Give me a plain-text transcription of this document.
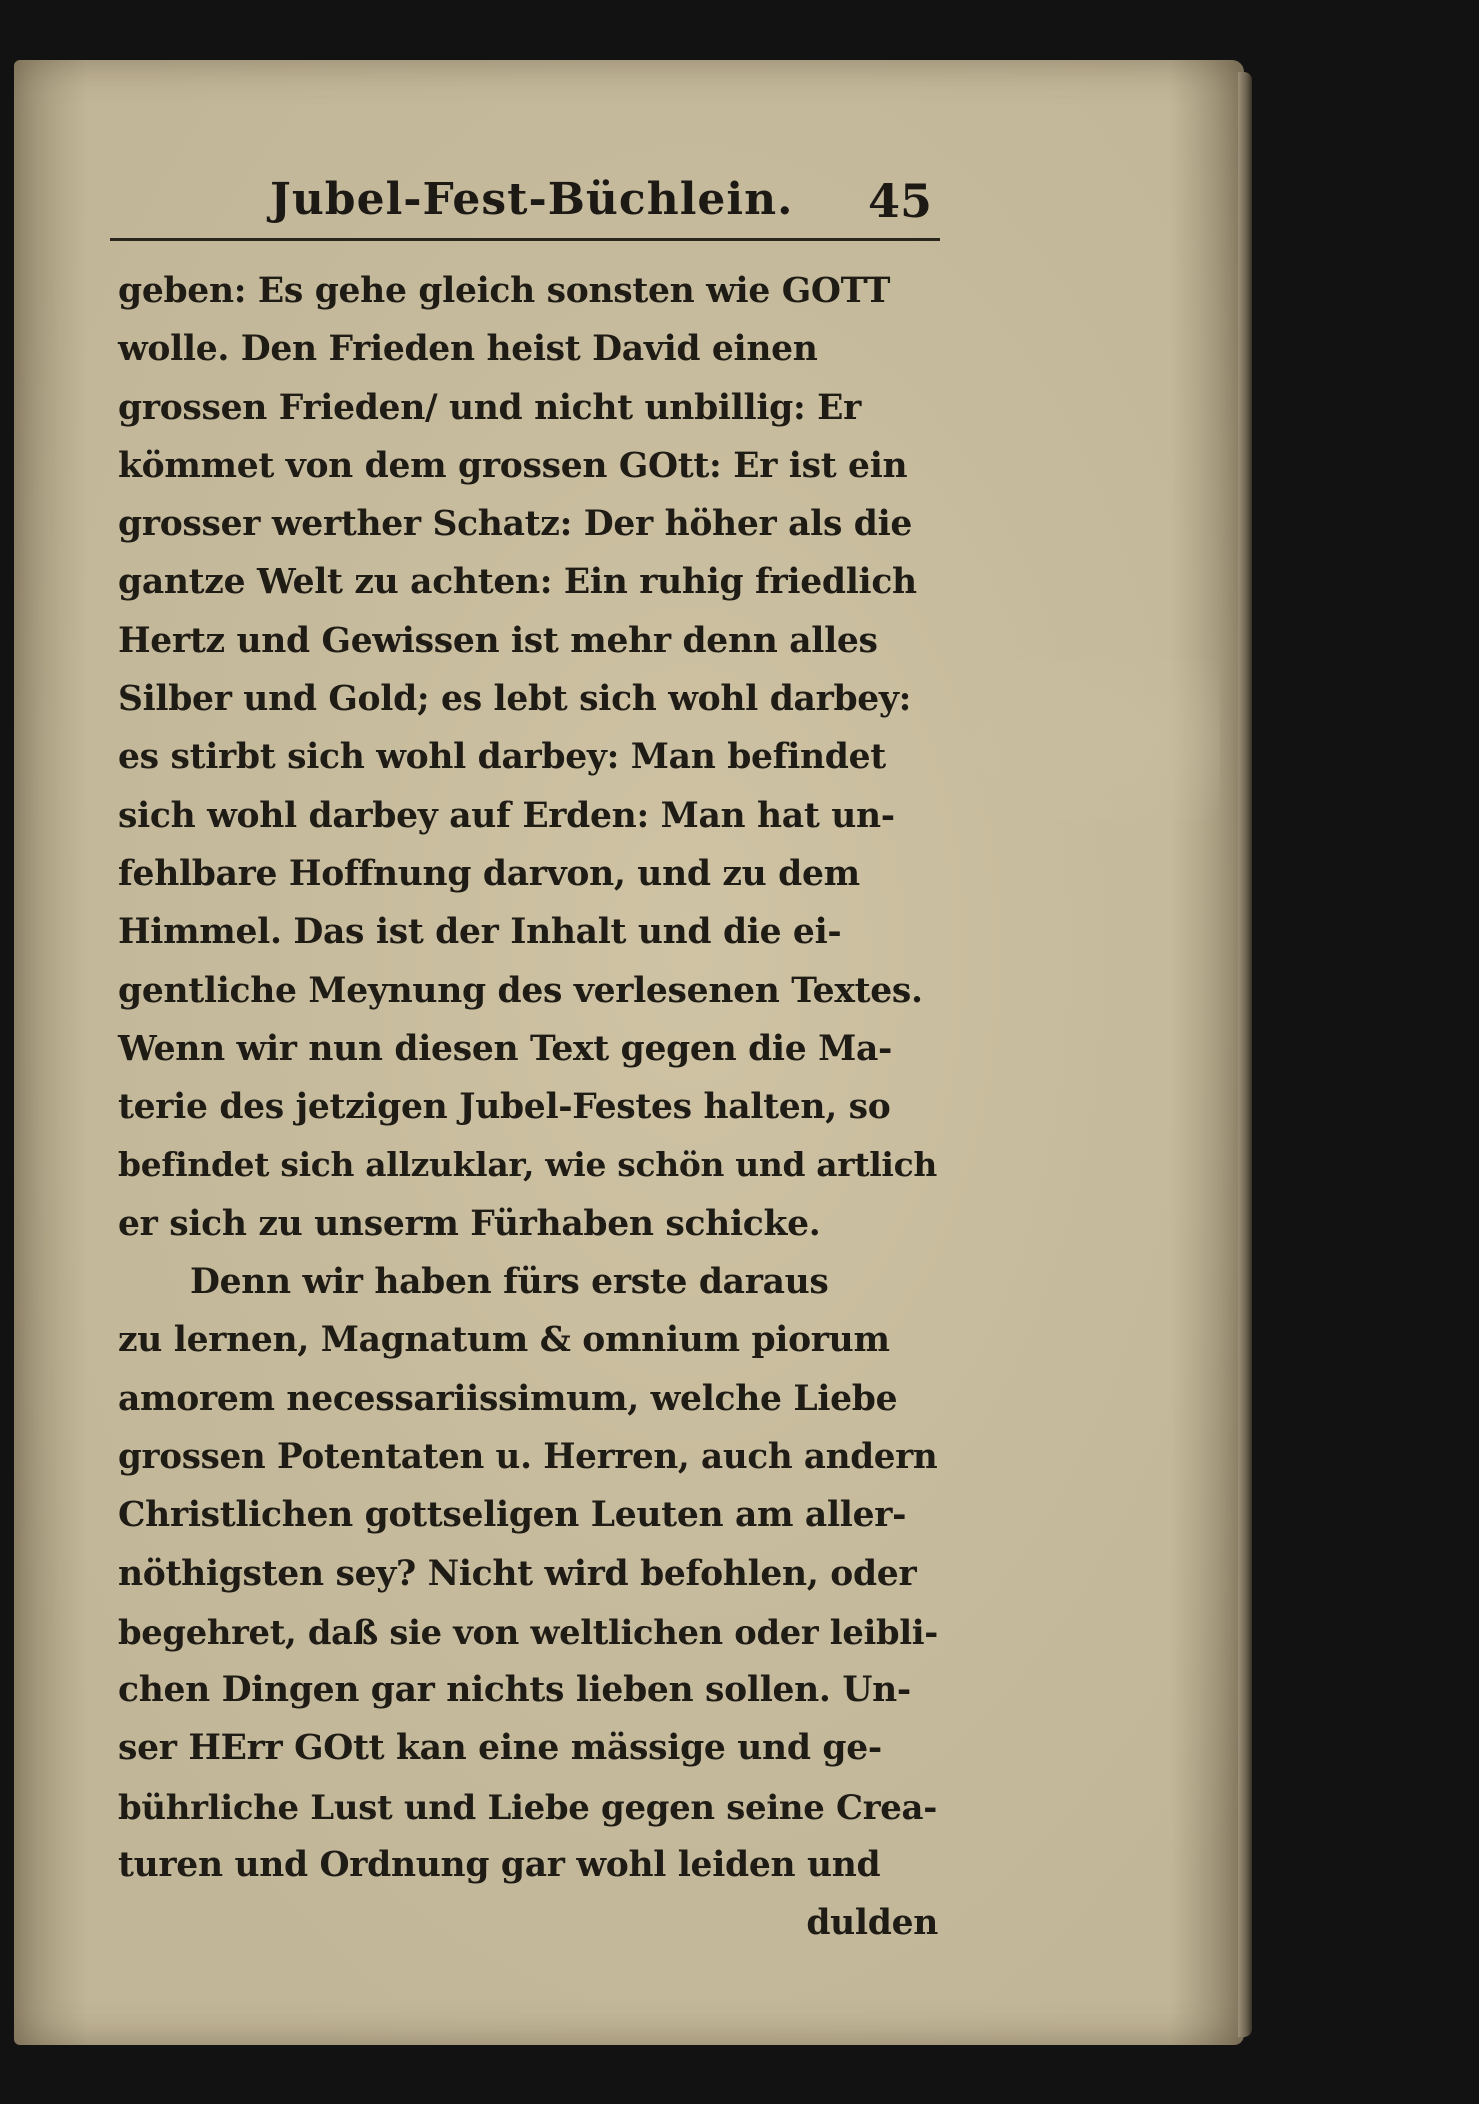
Jubel-Fest-Büchlein. 45
geben: Es gehe gleich sonsten wie GOTT
wolle. Den Frieden heist David einen
grossen Frieden/ und nicht unbillig: Er
kömmet von dem grossen GOtt: Er ist ein
grosser werther Schatz: Der höher als die
gantze Welt zu achten: Ein ruhig friedlich
Hertz und Gewissen ist mehr denn alles
Silber und Gold; es lebt sich wohl darbey:
es stirbt sich wohl darbey: Man befindet
sich wohl darbey auf Erden: Man hat un-
fehlbare Hoffnung darvon, und zu dem
Himmel. Das ist der Inhalt und die ei-
gentliche Meynung des verlesenen Textes.
Wenn wir nun diesen Text gegen die Ma-
terie des jetzigen Jubel-Festes halten, so
befindet sich allzuklar, wie schön und artlich
er sich zu unserm Fürhaben schicke.
Denn wir haben fürs erste daraus
zu lernen, Magnatum & omnium piorum
amorem necessariissimum, welche Liebe
grossen Potentaten u. Herren, auch andern
Christlichen gottseligen Leuten am aller-
nöthigsten sey? Nicht wird befohlen, oder
begehret, daß sie von weltlichen oder leibli-
chen Dingen gar nichts lieben sollen. Un-
ser HErr GOtt kan eine mässige und ge-
bührliche Lust und Liebe gegen seine Crea-
turen und Ordnung gar wohl leiden und
dulden
